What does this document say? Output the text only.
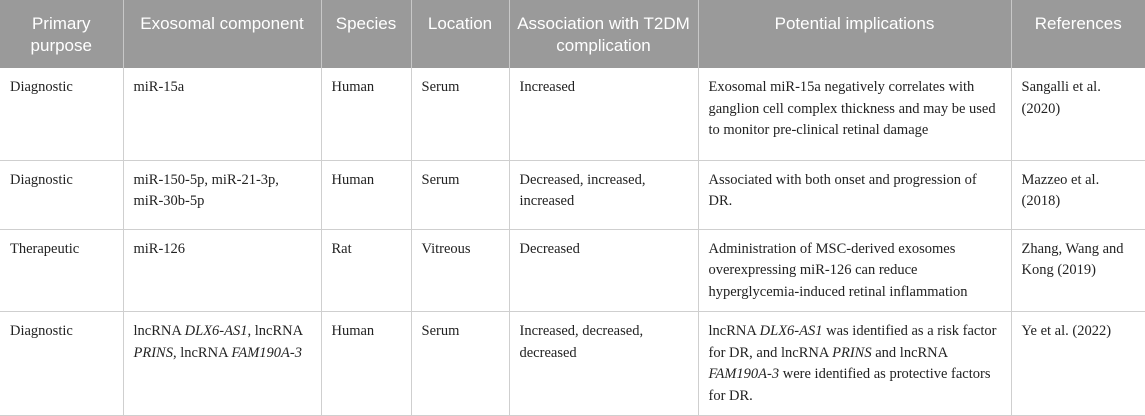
Primary purpose	Exosomal component	Species	Location	Association with T2DM complication	Potential implications	References
Diagnostic	miR-15a	Human	Serum	Increased	Exosomal miR-15a negatively correlates with ganglion cell complex thickness and may be used to monitor pre-clinical retinal damage	Sangalli et al. (2020)
Diagnostic	miR-150-5p, miR-21-3p, miR-30b-5p	Human	Serum	Decreased, increased, increased	Associated with both onset and progression of DR.	Mazzeo et al. (2018)
Therapeutic	miR-126	Rat	Vitreous	Decreased	Administration of MSC-derived exosomes overexpressing miR-126 can reduce hyperglycemia-induced retinal inflammation	Zhang, Wang and Kong (2019)
Diagnostic	lncRNA DLX6-AS1, lncRNA PRINS, lncRNA FAM190A-3	Human	Serum	Increased, decreased, decreased	lncRNA DLX6-AS1 was identified as a risk factor for DR, and lncRNA PRINS and lncRNA FAM190A-3 were identified as protective factors for DR.	Ye et al. (2022)
